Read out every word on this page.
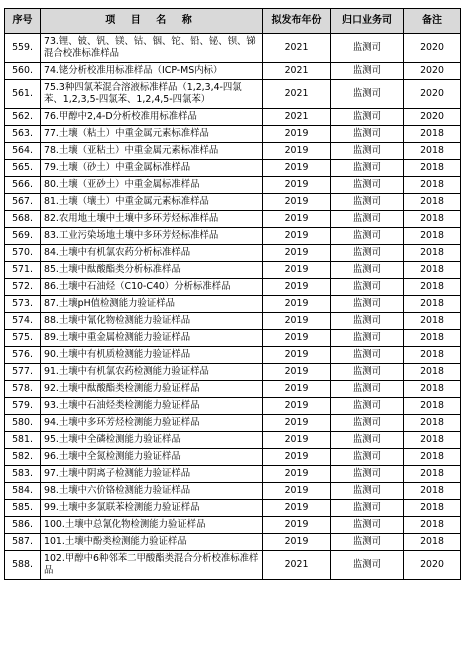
序号	项 目 名 称	拟发布年份	归口业务司	备注
559.	73.锂、铍、钒、镁、钴、铟、铊、铅、铋、钡、锑混合校准标准样品	2021	监测司	2020
560.	74.铑分析校准用标准样品（ICP-MS内标）	2021	监测司	2020
561.	75.3种四氯苯混合溶液标准样品（1,2,3,4-四氯苯、1,2,3,5-四氯苯、1,2,4,5-四氯苯）	2021	监测司	2020
562.	76.甲醇中2,4-D分析校准用标准样品	2021	监测司	2020
563.	77.土壤（粘土）中重金属元素标准样品	2019	监测司	2018
564.	78.土壤（亚粘土）中重金属元素标准样品	2019	监测司	2018
565.	79.土壤（砂土）中重金属标准样品	2019	监测司	2018
566.	80.土壤（亚砂土）中重金属标准样品	2019	监测司	2018
567.	81.土壤（壤土）中重金属元素标准样品	2019	监测司	2018
568.	82.农用地土壤中土壤中多环芳烃标准样品	2019	监测司	2018
569.	83.工业污染场地土壤中多环芳烃标准样品	2019	监测司	2018
570.	84.土壤中有机氯农药分析标准样品	2019	监测司	2018
571.	85.土壤中酞酸酯类分析标准样品	2019	监测司	2018
572.	86.土壤中石油烃（C10-C40）分析标准样品	2019	监测司	2018
573.	87.土壤pH值检测能力验证样品	2019	监测司	2018
574.	88.土壤中氰化物检测能力验证样品	2019	监测司	2018
575.	89.土壤中重金属检测能力验证样品	2019	监测司	2018
576.	90.土壤中有机质检测能力验证样品	2019	监测司	2018
577.	91.土壤中有机氯农药检测能力验证样品	2019	监测司	2018
578.	92.土壤中酞酸酯类检测能力验证样品	2019	监测司	2018
579.	93.土壤中石油烃类检测能力验证样品	2019	监测司	2018
580.	94.土壤中多环芳烃检测能力验证样品	2019	监测司	2018
581.	95.土壤中全磷检测能力验证样品	2019	监测司	2018
582.	96.土壤中全氮检测能力验证样品	2019	监测司	2018
583.	97.土壤中阴离子检测能力验证样品	2019	监测司	2018
584.	98.土壤中六价铬检测能力验证样品	2019	监测司	2018
585.	99.土壤中多氯联苯检测能力验证样品	2019	监测司	2018
586.	100.土壤中总氰化物检测能力验证样品	2019	监测司	2018
587.	101.土壤中酚类检测能力验证样品	2019	监测司	2018
588.	102.甲醇中6种邻苯二甲酸酯类混合分析校准标准样品	2021	监测司	2020
